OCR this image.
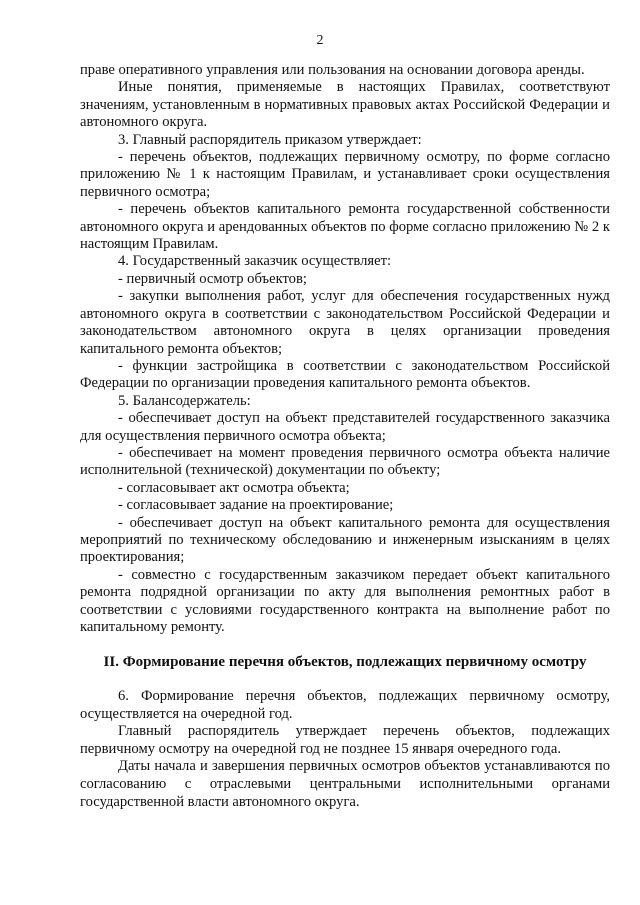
2

праве оперативного управления или пользования на основании договора аренды.

Иные понятия, применяемые в настоящих Правилах, соответствуют значениям, установленным в нормативных правовых актах Российской Федерации и автономного округа.

3. Главный распорядитель приказом утверждает:

- перечень объектов, подлежащих первичному осмотру, по форме согласно приложению № 1 к настоящим Правилам, и устанавливает сроки осуществления первичного осмотра;

- перечень объектов капитального ремонта государственной собственности автономного округа и арендованных объектов по форме согласно приложению № 2 к настоящим Правилам.

4. Государственный заказчик осуществляет:

- первичный осмотр объектов;

- закупки выполнения работ, услуг для обеспечения государственных нужд автономного округа в соответствии с законодательством Российской Федерации и законодательством автономного округа в целях организации проведения капитального ремонта объектов;

- функции застройщика в соответствии с законодательством Российской Федерации по организации проведения капитального ремонта объектов.

5. Балансодержатель:

- обеспечивает доступ на объект представителей государственного заказчика для осуществления первичного осмотра объекта;

- обеспечивает на момент проведения первичного осмотра объекта наличие исполнительной (технической) документации по объекту;

- согласовывает акт осмотра объекта;

- согласовывает задание на проектирование;

- обеспечивает доступ на объект капитального ремонта для осуществления мероприятий по техническому обследованию и инженерным изысканиям в целях проектирования;

- совместно с государственным заказчиком передает объект капитального ремонта подрядной организации по акту для выполнения ремонтных работ в соответствии с условиями государственного контракта на выполнение работ по капитальному ремонту.

II. Формирование перечня объектов, подлежащих первичному осмотру

6. Формирование перечня объектов, подлежащих первичному осмотру, осуществляется на очередной год.

Главный распорядитель утверждает перечень объектов, подлежащих первичному осмотру на очередной год не позднее 15 января очередного года.

Даты начала и завершения первичных осмотров объектов устанавливаются по согласованию с отраслевыми центральными исполнительными органами государственной власти автономного округа.
